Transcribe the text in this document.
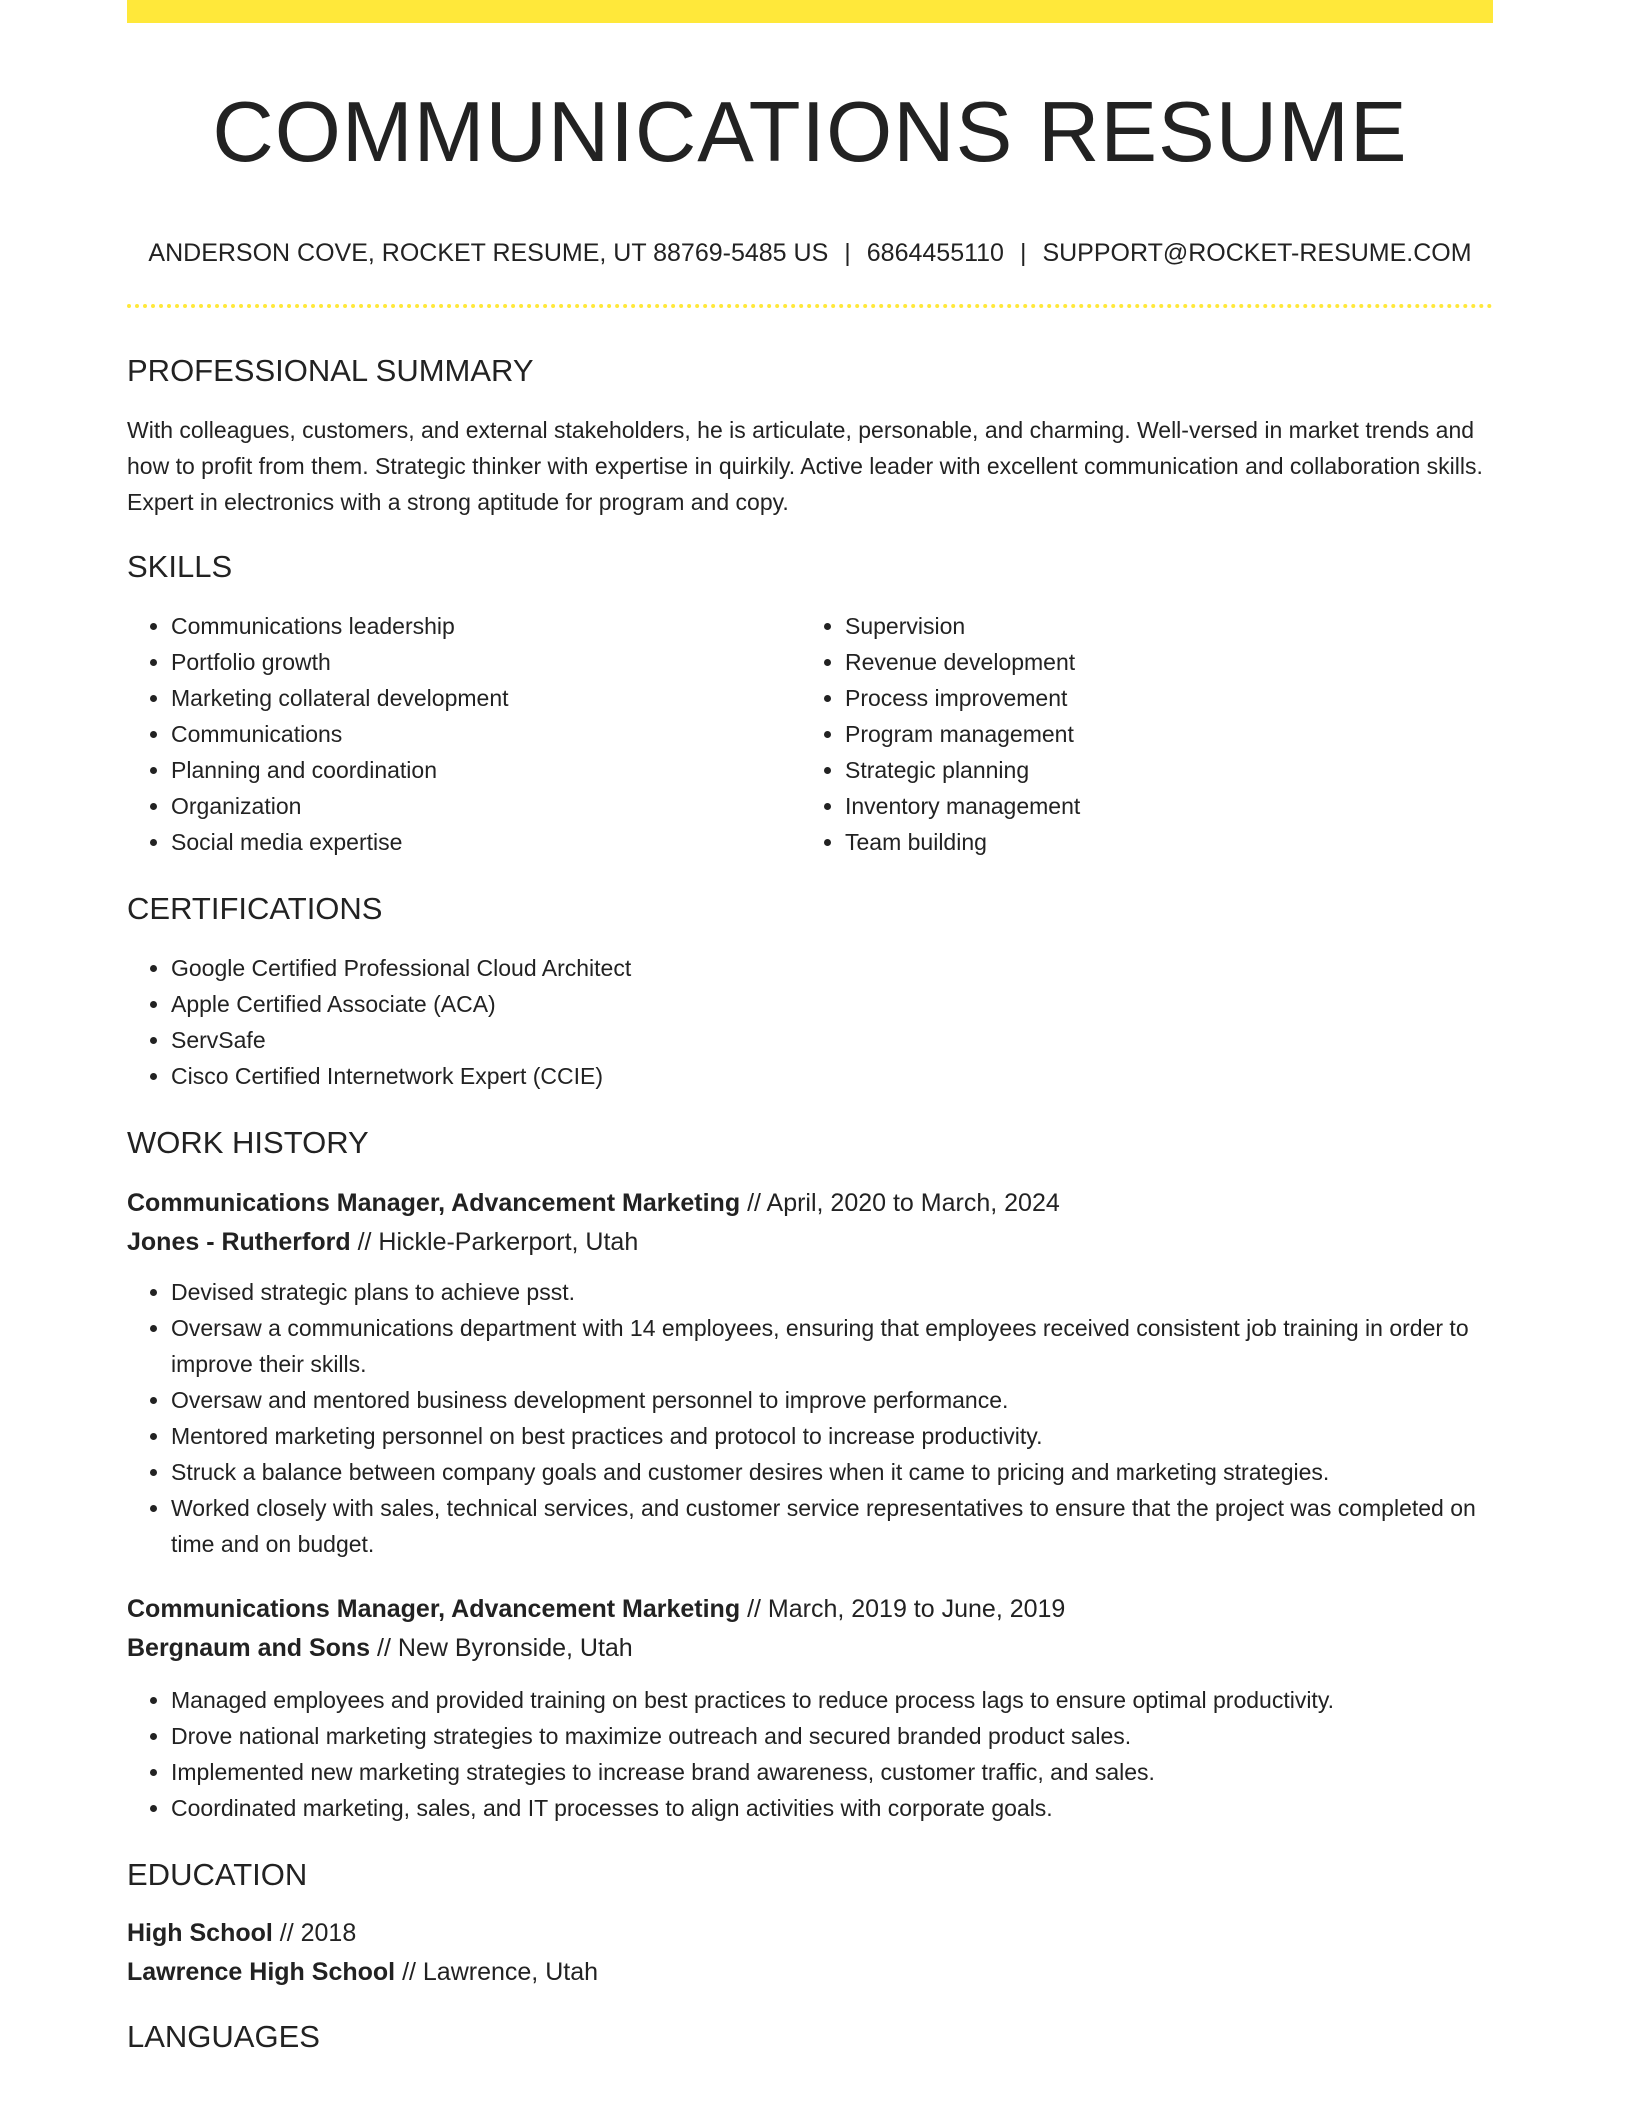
COMMUNICATIONS RESUME
ANDERSON COVE, ROCKET RESUME, UT 88769-5485 US | 6864455110 | SUPPORT@ROCKET-RESUME.COM
PROFESSIONAL SUMMARY

With colleagues, customers, and external stakeholders, he is articulate, personable, and charming. Well-versed in market trends and how to profit from them. Strategic thinker with expertise in quirkily. Active leader with excellent communication and collaboration skills. Expert in electronics with a strong aptitude for program and copy.

SKILLS
• Communications leadership
• Portfolio growth
• Marketing collateral development
• Communications
• Planning and coordination
• Organization
• Social media expertise
• Supervision
• Revenue development
• Process improvement
• Program management
• Strategic planning
• Inventory management
• Team building
CERTIFICATIONS
• Google Certified Professional Cloud Architect
• Apple Certified Associate (ACA)
• ServSafe
• Cisco Certified Internetwork Expert (CCIE)
WORK HISTORY
Communications Manager, Advancement Marketing // April, 2020 to March, 2024
Jones - Rutherford // Hickle-Parkerport, Utah
• Devised strategic plans to achieve psst.
• Oversaw a communications department with 14 employees, ensuring that employees received consistent job training in order to improve their skills.
• Oversaw and mentored business development personnel to improve performance.
• Mentored marketing personnel on best practices and protocol to increase productivity.
• Struck a balance between company goals and customer desires when it came to pricing and marketing strategies.
• Worked closely with sales, technical services, and customer service representatives to ensure that the project was completed on time and on budget.
Communications Manager, Advancement Marketing // March, 2019 to June, 2019
Bergnaum and Sons // New Byronside, Utah
• Managed employees and provided training on best practices to reduce process lags to ensure optimal productivity.
• Drove national marketing strategies to maximize outreach and secured branded product sales.
• Implemented new marketing strategies to increase brand awareness, customer traffic, and sales.
• Coordinated marketing, sales, and IT processes to align activities with corporate goals.
EDUCATION
High School // 2018
Lawrence High School // Lawrence, Utah
LANGUAGES
